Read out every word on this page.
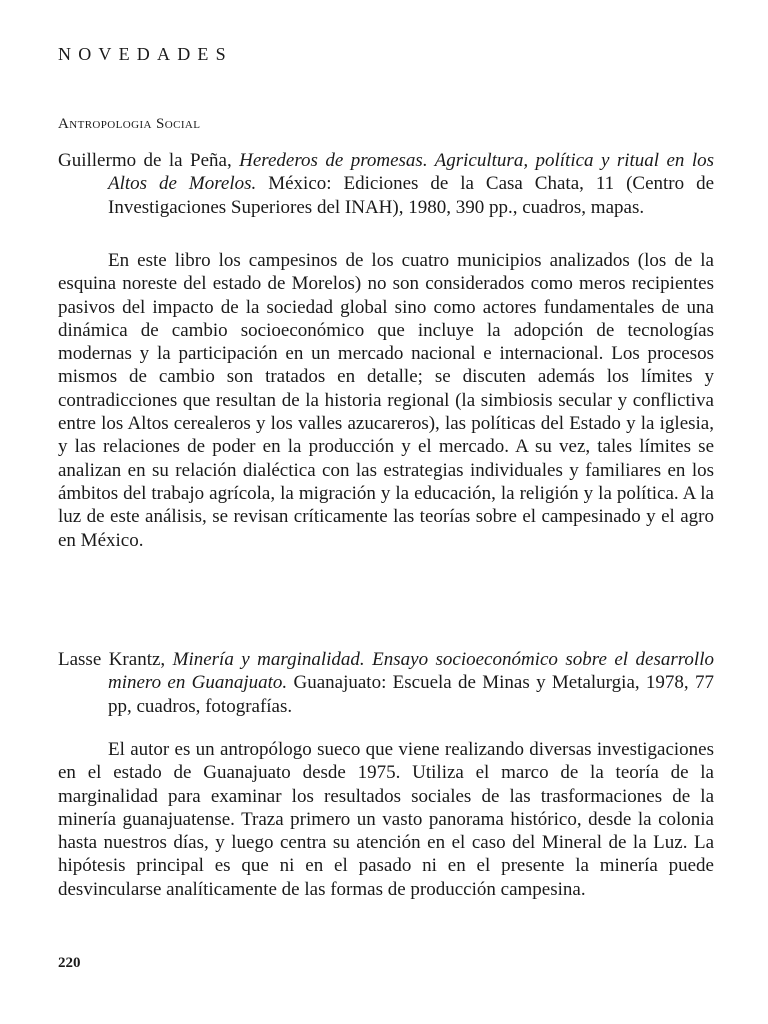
NOVEDADES
Antropologia Social
Guillermo de la Peña, Herederos de promesas. Agricultura, política y ritual en los Altos de Morelos. México: Ediciones de la Casa Chata, 11 (Centro de Investigaciones Superiores del INAH), 1980, 390 pp., cuadros, mapas.
En este libro los campesinos de los cuatro municipios analizados (los de la esquina noreste del estado de Morelos) no son considerados como meros recipientes pasivos del impacto de la sociedad global sino como actores fundamentales de una dinámica de cambio socioeconómico que incluye la adopción de tecnologías modernas y la participación en un mercado nacional e internacional. Los procesos mismos de cambio son tratados en detalle; se discuten además los límites y contradicciones que resultan de la historia regional (la simbiosis secular y conflictiva entre los Altos cerealeros y los valles azucareros), las políticas del Estado y la iglesia, y las relaciones de poder en la producción y el mercado. A su vez, tales límites se analizan en su relación dialéctica con las estrategias individuales y familiares en los ámbitos del trabajo agrícola, la migración y la educación, la religión y la política. A la luz de este análisis, se revisan críticamente las teorías sobre el campesinado y el agro en México.
Lasse Krantz, Minería y marginalidad. Ensayo socioeconómico sobre el desarrollo minero en Guanajuato. Guanajuato: Escuela de Minas y Metalurgia, 1978, 77 pp, cuadros, fotografías.
El autor es un antropólogo sueco que viene realizando diversas investigaciones en el estado de Guanajuato desde 1975. Utiliza el marco de la teoría de la marginalidad para examinar los resultados sociales de las trasformaciones de la minería guanajuatense. Traza primero un vasto panorama histórico, desde la colonia hasta nuestros días, y luego centra su atención en el caso del Mineral de la Luz. La hipótesis principal es que ni en el pasado ni en el presente la minería puede desvincularse analíticamente de las formas de producción campesina.
220
